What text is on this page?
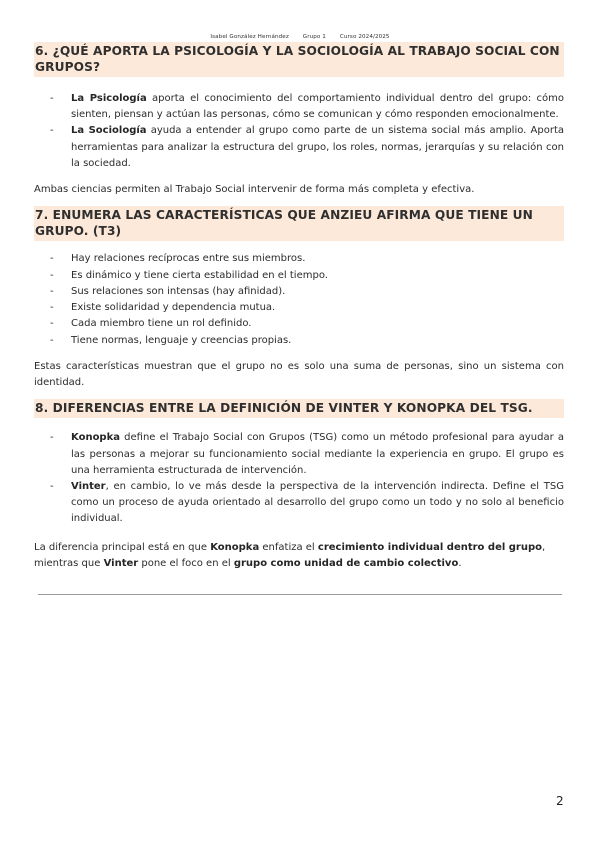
Isabel González Hernández Grupo 1 Curso 2024/2025
6. ¿QUÉ APORTA LA PSICOLOGÍA Y LA SOCIOLOGÍA AL TRABAJO SOCIAL CON GRUPOS?
- La Psicología aporta el conocimiento del comportamiento individual dentro del grupo: cómo sienten, piensan y actúan las personas, cómo se comunican y cómo responden emocionalmente.
- La Sociología ayuda a entender al grupo como parte de un sistema social más amplio. Aporta herramientas para analizar la estructura del grupo, los roles, normas, jerarquías y su relación con la sociedad.

Ambas ciencias permiten al Trabajo Social intervenir de forma más completa y efectiva.

7. ENUMERA LAS CARACTERÍSTICAS QUE ANZIEU AFIRMA QUE TIENE UN GRUPO. (T3)
- Hay relaciones recíprocas entre sus miembros.
- Es dinámico y tiene cierta estabilidad en el tiempo.
- Sus relaciones son intensas (hay afinidad).
- Existe solidaridad y dependencia mutua.
- Cada miembro tiene un rol definido.
- Tiene normas, lenguaje y creencias propias.

Estas características muestran que el grupo no es solo una suma de personas, sino un sistema con identidad.

8. DIFERENCIAS ENTRE LA DEFINICIÓN DE VINTER Y KONOPKA DEL TSG.
- Konopka define el Trabajo Social con Grupos (TSG) como un método profesional para ayudar a las personas a mejorar su funcionamiento social mediante la experiencia en grupo. El grupo es una herramienta estructurada de intervención.
- Vinter, en cambio, lo ve más desde la perspectiva de la intervención indirecta. Define el TSG como un proceso de ayuda orientado al desarrollo del grupo como un todo y no solo al beneficio individual.

La diferencia principal está en que Konopka enfatiza el crecimiento individual dentro del grupo, mientras que Vinter pone el foco en el grupo como unidad de cambio colectivo.

2
